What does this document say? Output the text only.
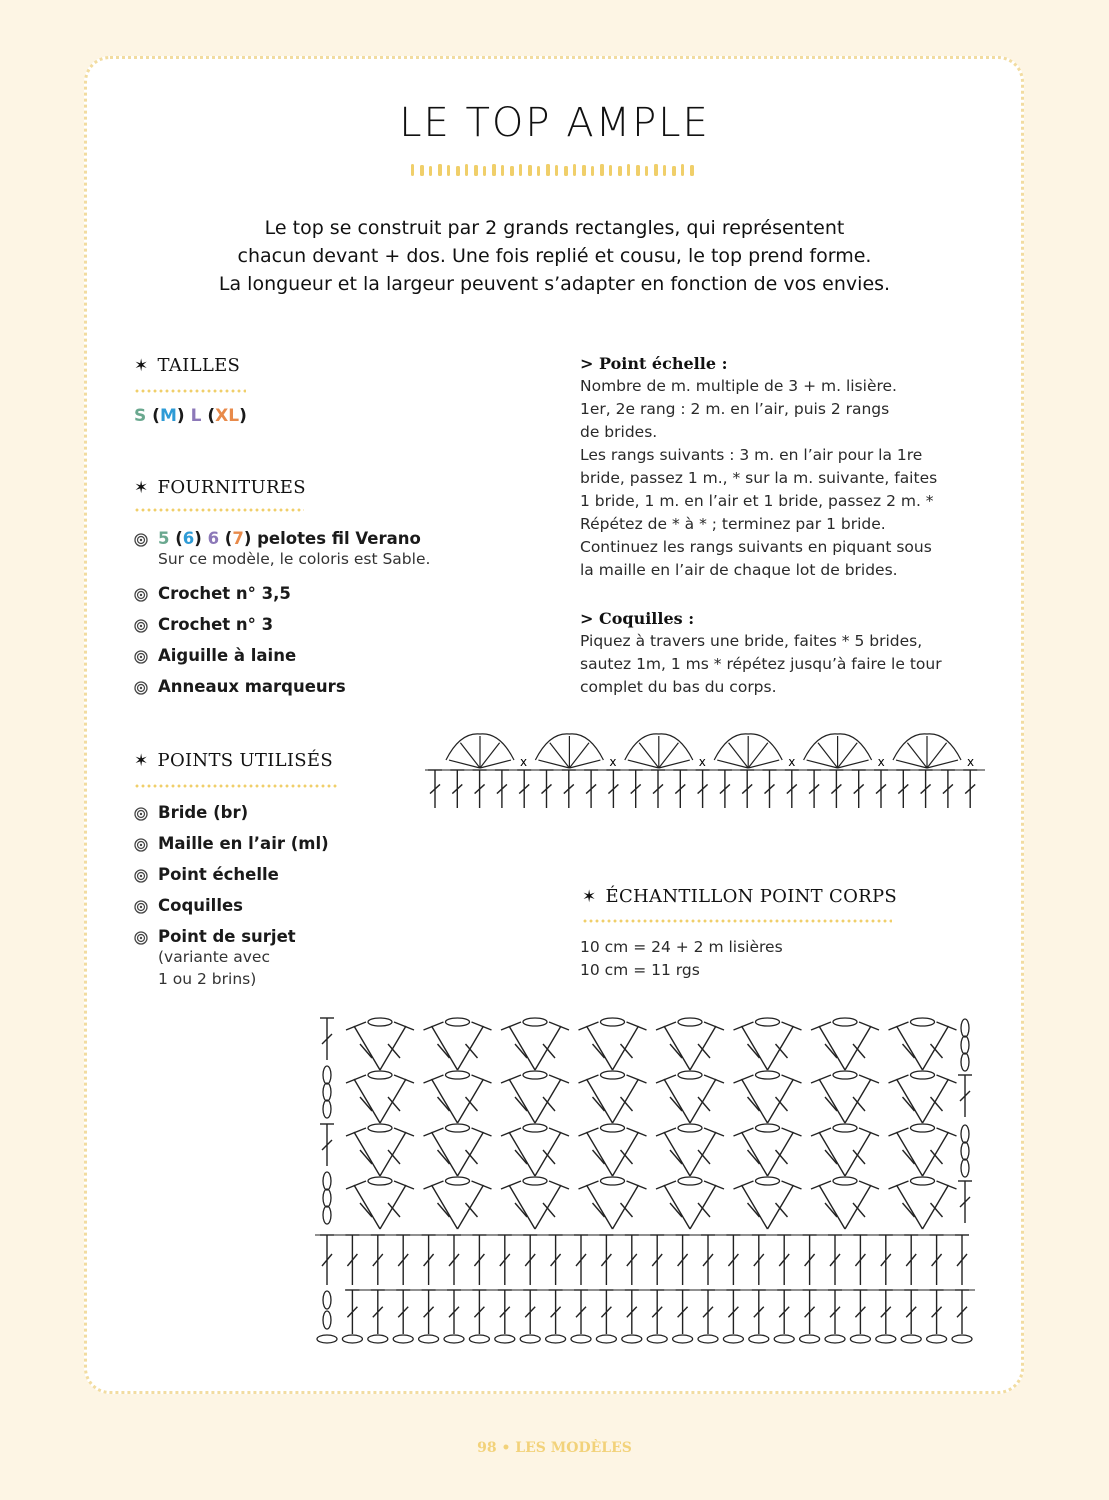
LE TOP AMPLE
Le top se construit par 2 grands rectangles, qui représentent
chacun devant + dos. Une fois replié et cousu, le top prend forme.
La longueur et la largeur peuvent s’adapter en fonction de vos envies.
✶ TAILLES
S (M) L (XL)
✶ FOURNITURES
5 (6) 6 (7) pelotes fil Verano
Sur ce modèle, le coloris est Sable.
Crochet n° 3,5
Crochet n° 3
Aiguille à laine
Anneaux marqueurs
✶ POINTS UTILISÉS
Bride (br)
Maille en l’air (ml)
Point échelle
Coquilles
Point de surjet
(variante avec
1 ou 2 brins)
> Point échelle :
Nombre de m. multiple de 3 + m. lisière.
1er, 2e rang : 2 m. en l’air, puis 2 rangs
de brides.
Les rangs suivants : 3 m. en l’air pour la 1re
bride, passez 1 m., * sur la m. suivante, faites
1 bride, 1 m. en l’air et 1 bride, passez 2 m. *
Répétez de * à * ; terminez par 1 bride.
Continuez les rangs suivants en piquant sous
la maille en l’air de chaque lot de brides.
> Coquilles :
Piquez à travers une bride, faites * 5 brides,
sautez 1m, 1 ms * répétez jusqu’à faire le tour
complet du bas du corps.
x	x	x	x	x	x
✶ ÉCHANTILLON POINT CORPS
10 cm = 24 + 2 m lisières
10 cm = 11 rgs
98 • LES MODÈLES
